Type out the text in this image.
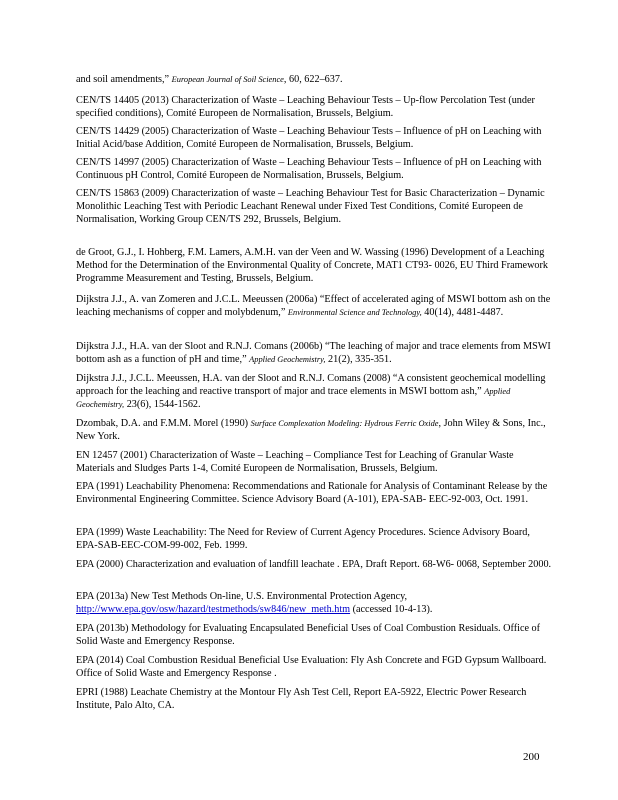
and soil amendments,” European Journal of Soil Science, 60, 622–637.
CEN/TS 14405 (2013) Characterization of Waste – Leaching Behaviour Tests – Up‐flow Percolation Test (under specified conditions), Comité Europeen de Normalisation, Brussels, Belgium.
CEN/TS 14429 (2005) Characterization of Waste – Leaching Behaviour Tests – Influence of pH on Leaching with Initial Acid/base Addition, Comité Europeen de Normalisation, Brussels, Belgium.
CEN/TS 14997 (2005) Characterization of Waste – Leaching Behaviour Tests – Influence of pH on Leaching with Continuous pH Control, Comité Europeen de Normalisation, Brussels, Belgium.
CEN/TS 15863 (2009) Characterization of waste – Leaching Behaviour Test for Basic Characterization – Dynamic Monolithic Leaching Test with Periodic Leachant Renewal under Fixed Test Conditions, Comité Europeen de Normalisation, Working Group CEN/TS 292, Brussels, Belgium.
de Groot, G.J., I. Hohberg, F.M. Lamers, A.M.H. van der Veen and W. Wassing (1996) Development of a Leaching Method for the Determination of the Environmental Quality of Concrete, MAT1 CT93‐ 0026, EU Third Framework Programme Measurement and Testing, Brussels, Belgium.
Dijkstra J.J., A. van Zomeren and J.C.L. Meeussen (2006a) “Effect of accelerated aging of MSWI bottom ash on the leaching mechanisms of copper and molybdenum,” Environmental Science and Technology, 40(14), 4481‐4487.
Dijkstra J.J., H.A. van der Sloot and R.N.J. Comans (2006b) “The leaching of major and trace elements from MSWI bottom ash as a function of pH and time,” Applied Geochemistry, 21(2), 335‐351.
Dijkstra J.J., J.C.L. Meeussen, H.A. van der Sloot and R.N.J. Comans (2008) “A consistent geochemical modelling approach for the leaching and reactive transport of major and trace elements in MSWI bottom ash,” Applied Geochemistry, 23(6), 1544‐1562.
Dzombak, D.A. and F.M.M. Morel (1990) Surface Complexation Modeling: Hydrous Ferric Oxide, John Wiley & Sons, Inc., New York.
EN 12457 (2001) Characterization of Waste – Leaching – Compliance Test for Leaching of Granular Waste Materials and Sludges Parts 1‐4, Comité Europeen de Normalisation, Brussels, Belgium.
EPA (1991) Leachability Phenomena: Recommendations and Rationale for Analysis of Contaminant Release by the Environmental Engineering Committee. Science Advisory Board (A‐101), EPA‐SAB‐ EEC‐92‐003, Oct. 1991.
EPA (1999) Waste Leachability: The Need for Review of Current Agency Procedures. Science Advisory Board, EPA‐SAB‐EEC‐COM‐99‐002, Feb. 1999.
EPA (2000) Characterization and evaluation of landfill leachate . EPA, Draft Report. 68‐W6‐ 0068, September 2000.
EPA (2013a) New Test Methods On‐line, U.S. Environmental Protection Agency, http://www.epa.gov/osw/hazard/testmethods/sw846/new_meth.htm (accessed 10‐4‐13).
EPA (2013b) Methodology for Evaluating Encapsulated Beneficial Uses of Coal Combustion Residuals. Office of Solid Waste and Emergency Response.
EPA (2014) Coal Combustion Residual Beneficial Use Evaluation: Fly Ash Concrete and FGD Gypsum Wallboard. Office of Solid Waste and Emergency Response .
EPRI (1988) Leachate Chemistry at the Montour Fly Ash Test Cell, Report EA‐5922, Electric Power Research Institute, Palo Alto, CA.
200
